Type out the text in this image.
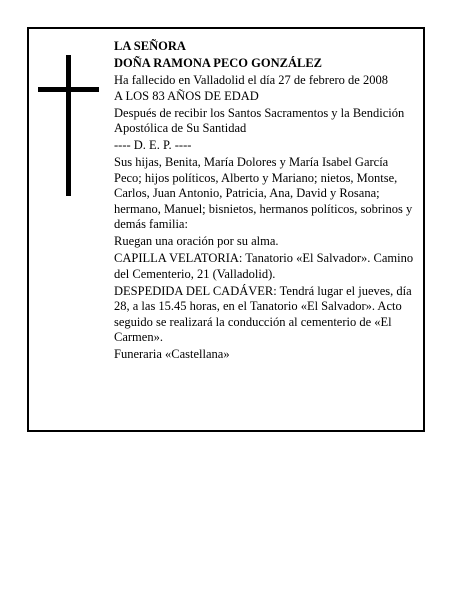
LA SEÑORA

DOÑA RAMONA PECO GONZÁLEZ

Ha fallecido en Valladolid el día 27 de febrero de 2008

A LOS 83 AÑOS DE EDAD

Después de recibir los Santos Sacramentos y la Bendición Apostólica de Su Santidad

---- D. E. P. ----

Sus hijas, Benita, María Dolores y María Isabel García Peco; hijos políticos, Alberto y Mariano; nietos, Montse, Carlos, Juan Antonio, Patricia, Ana, David y Rosana; hermano, Manuel; bisnietos, hermanos políticos, sobrinos y demás familia:

Ruegan una oración por su alma.

CAPILLA VELATORIA: Tanatorio «El Salvador». Camino del Cementerio, 21 (Valladolid).

DESPEDIDA DEL CADÁVER: Tendrá lugar el jueves, día 28, a las 15.45 horas, en el Tanatorio «El Salvador». Acto seguido se realizará la conducción al cementerio de «El Carmen».

Funeraria «Castellana»
